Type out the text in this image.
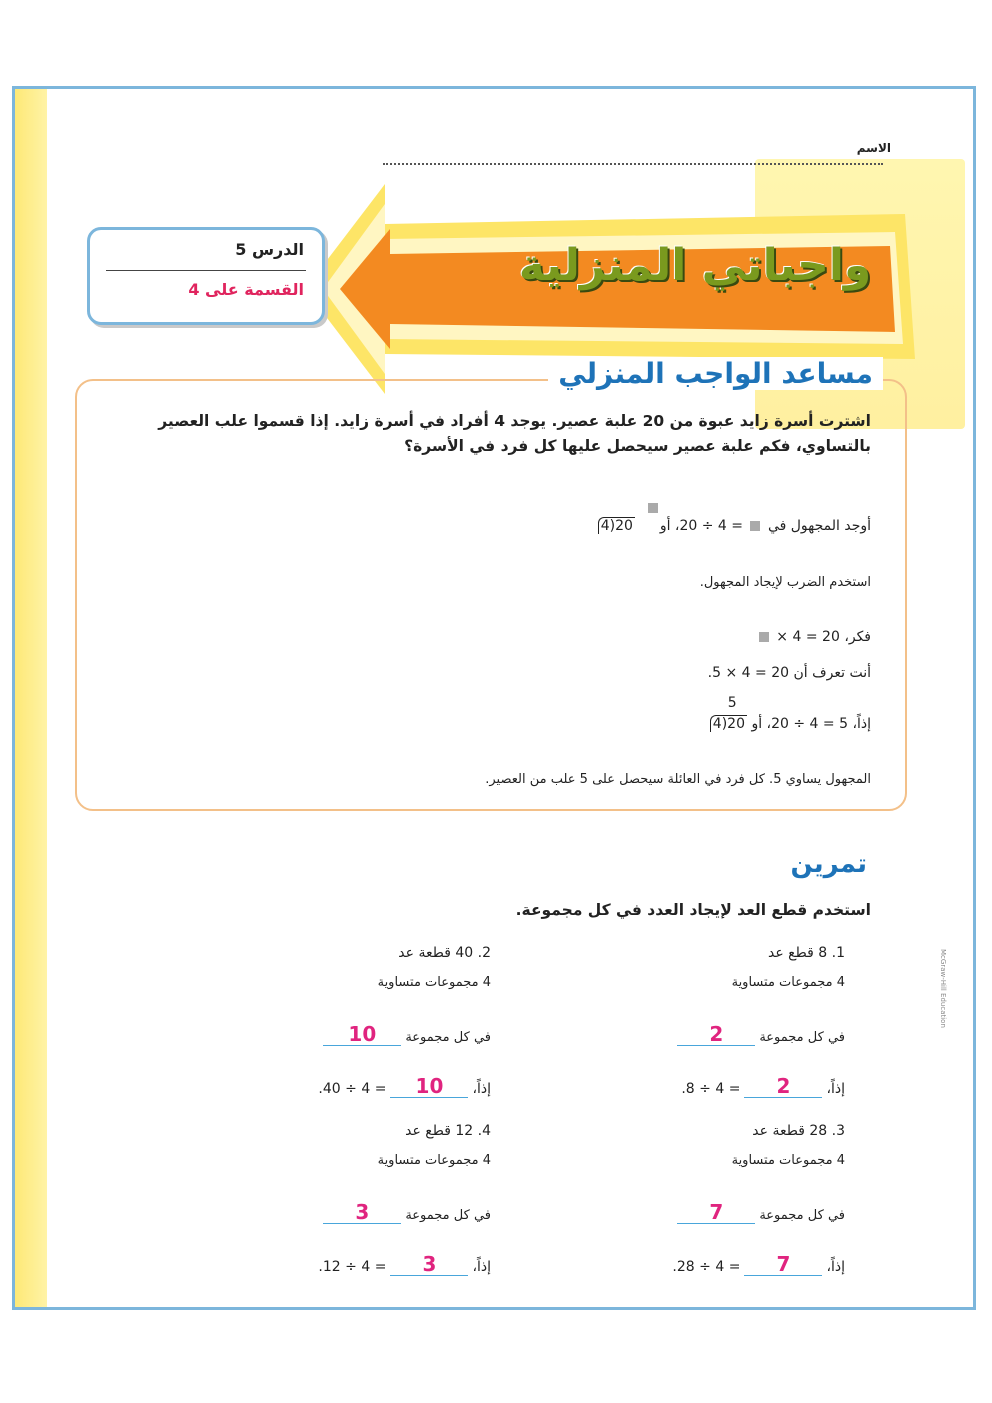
الاسم
واجباتي المنزلية
الدرس 5
القسمة على 4
مساعد الواجب المنزلي
اشترت أسرة زايد عبوة من 20 علبة عصير. يوجد 4 أفراد في أسرة زايد. إذا قسموا علب العصير بالتساوي، فكم علبة عصير سيحصل عليها كل فرد في الأسرة؟
أوجد المجهول في  = 4 ÷ 20، أو  4)20
استخدم الضرب لإيجاد المجهول.
فكر، 20 = 4 ×
أنت تعرف أن 20 = 4 × 5.
إذاً، 5 = 4 ÷ 20، أو
$\frac{5}{4)20}$
المجهول يساوي 5. كل فرد في العائلة سيحصل على 5 علب من العصير.
تمرين
استخدم قطع العد لإيجاد العدد في كل مجموعة.
1. 8 قطع عد
4 مجموعات متساوية
في كل مجموعة2
إذاً،2= 4 ÷ 8.
2. 40 قطعة عد
4 مجموعات متساوية
في كل مجموعة10
إذاً،10= 4 ÷ 40.
3. 28 قطعة عد
4 مجموعات متساوية
في كل مجموعة7
إذاً،7= 4 ÷ 28.
4. 12 قطع عد
4 مجموعات متساوية
في كل مجموعة3
إذاً،3= 4 ÷ 12.
McGraw-Hill Education
